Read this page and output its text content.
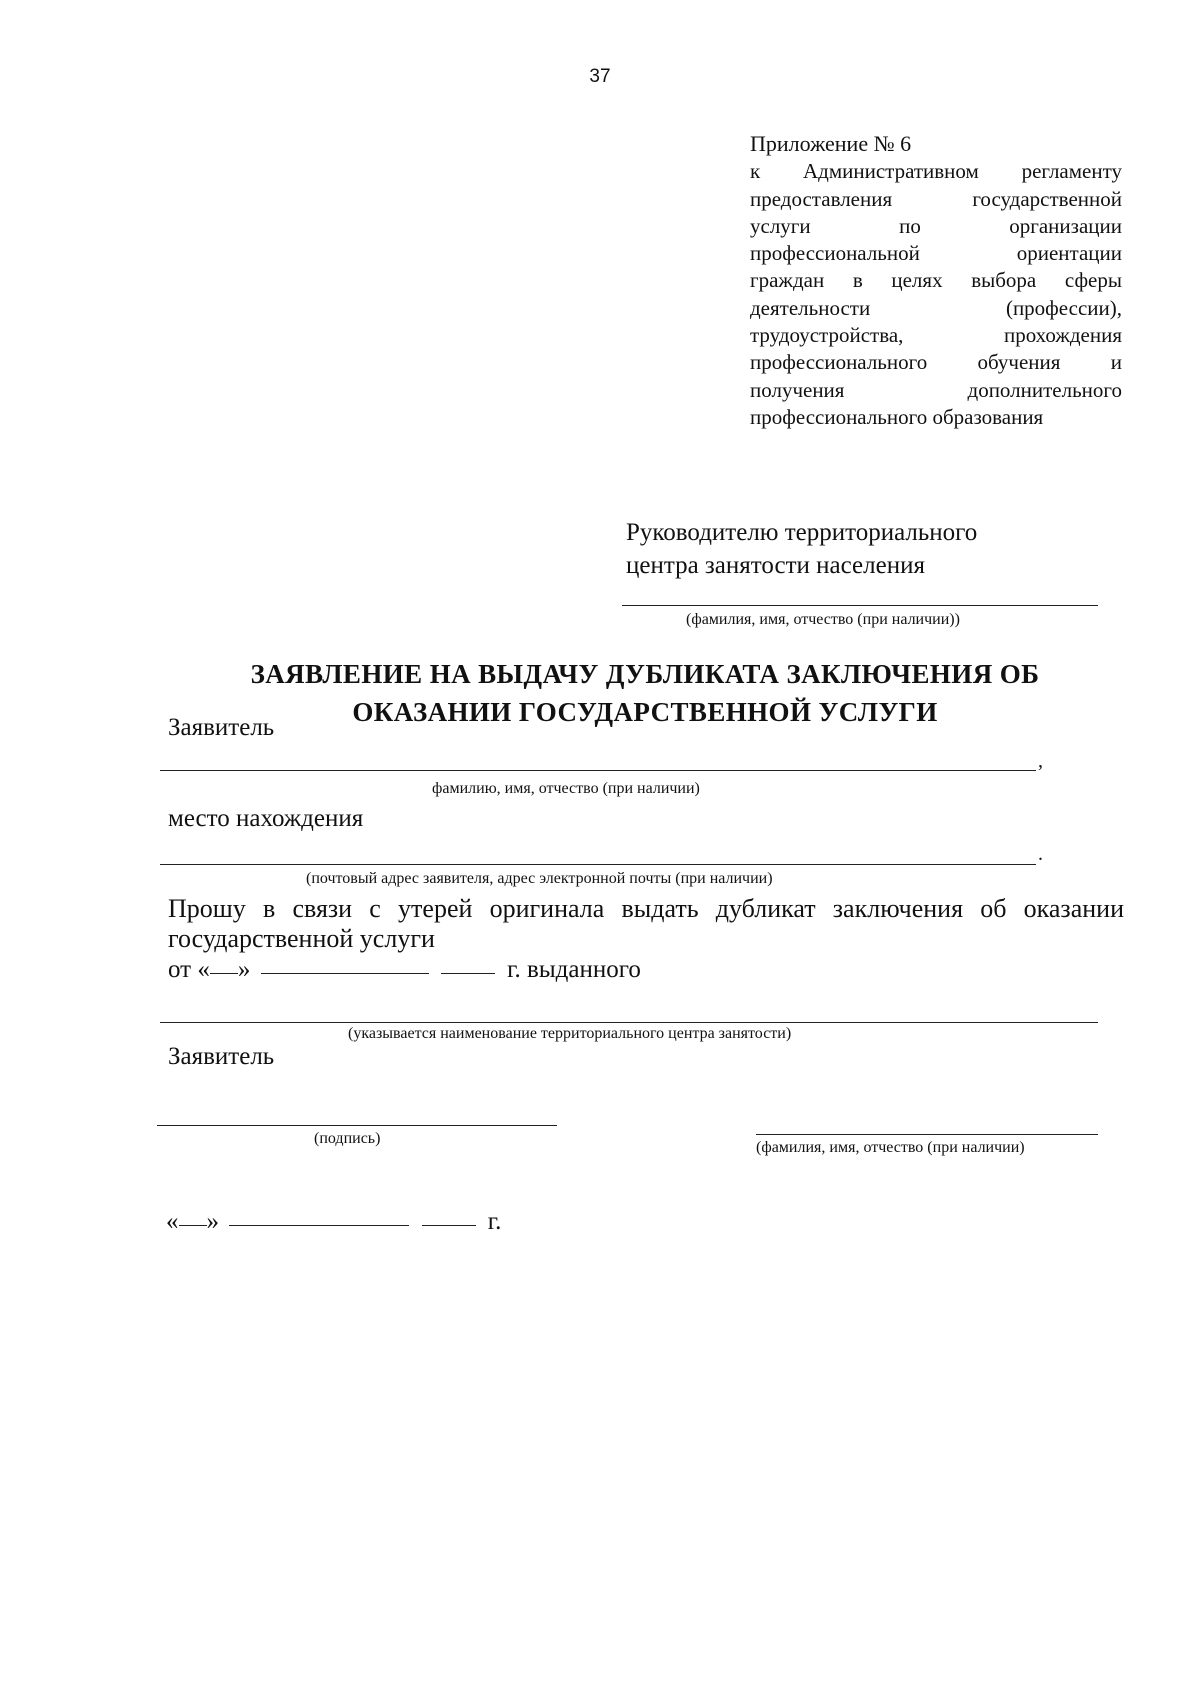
37
Приложение № 6
к Административном регламенту
предоставления государственной
услуги по организации
профессиональной ориентации
граждан в целях выбора сферы
деятельности (профессии),
трудоустройства, прохождения
профессионального обучения и
получения дополнительного
профессионального образования
Руководителю территориального
центра занятости населения
(фамилия, имя, отчество (при наличии))
ЗАЯВЛЕНИЕ НА ВЫДАЧУ ДУБЛИКАТА ЗАКЛЮЧЕНИЯ ОБ
ОКАЗАНИИ ГОСУДАРСТВЕННОЙ УСЛУГИ
Заявитель
,
фамилию, имя, отчество (при наличии)
место нахождения
.
(почтовый адрес заявителя, адрес электронной почты (при наличии)
Прошу в связи с утерей оригинала выдать дубликат заключения об оказании
государственной услуги
от « »	г. выданного
(указывается наименование территориального центра занятости)
Заявитель
(подпись)
(фамилия, имя, отчество (при наличии)
« »	г.
